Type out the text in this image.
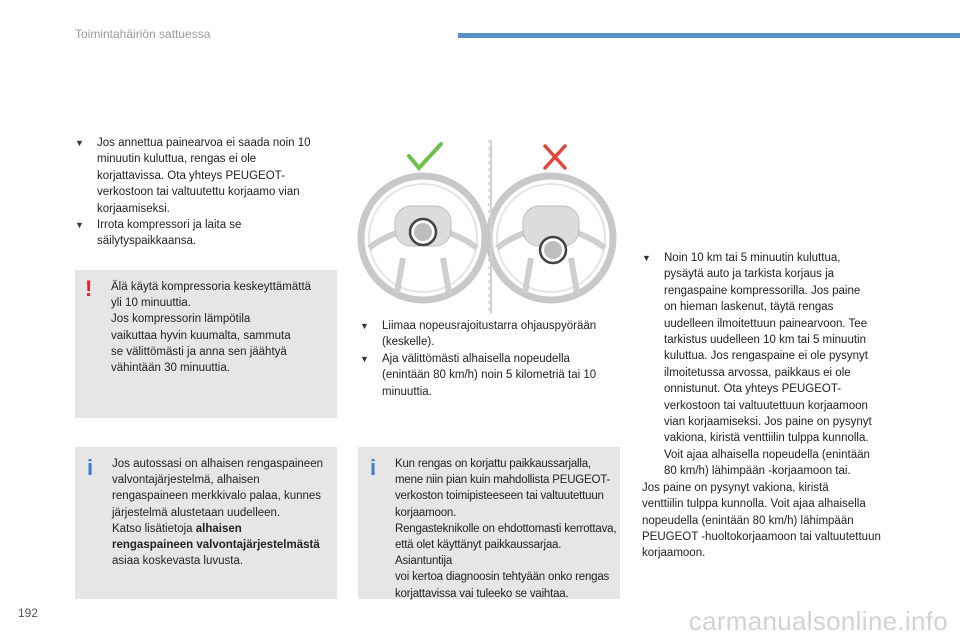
Toimintahäiriön sattuessa
▼	Jos annettua painearvoa ei saada noin 10 minuutin kuluttua, rengas ei ole korjattavissa. Ota yhteys PEUGEOT-verkostoon tai valtuutettu korjaamo vian korjaamiseksi.
▼	Irrota kompressori ja laita se säilytyspaikkaansa.
! Älä käytä kompressoria keskeyttämättä
yli 10 minuuttia.
Jos kompressorin lämpötila
vaikuttaa hyvin kuumalta, sammuta
se välittömästi ja anna sen jäähtyä
vähintään 30 minuuttia.
i Jos autossasi on alhaisen rengaspaineen
valvontajärjestelmä, alhaisen
rengaspaineen merkkivalo palaa, kunnes
järjestelmä alustetaan uudelleen.
Katso lisätietoja alhaisen
rengaspaineen valvontajärjestelmästä
asiaa koskevasta luvusta.
▼	Liimaa nopeusrajoitustarra ohjauspyörään (keskelle).
▼	Aja välittömästi alhaisella nopeudella (enintään 80 km/h) noin 5 kilometriä tai 10 minuuttia.
i Kun rengas on korjattu paikkaussarjalla,
mene niin pian kuin mahdollista PEUGEOT-
verkoston toimipisteeseen tai valtuutettuun
korjaamoon.
Rengasteknikolle on ehdottomasti kerrottava,
että olet käyttänyt paikkaussarjaa. Asiantuntija
voi kertoa diagnoosin tehtyään onko rengas
korjattavissa vai tuleeko se vaihtaa.
▼	Noin 10 km tai 5 minuutin kuluttua,
pysäytä auto ja tarkista korjaus ja
rengaspaine kompressorilla. Jos paine
on hieman laskenut, täytä rengas
uudelleen ilmoitettuun painearvoon. Tee
tarkistus uudelleen 10 km tai 5 minuutin
kuluttua. Jos rengaspaine ei ole pysynyt
ilmoitetussa arvossa, paikkaus ei ole
onnistunut. Ota yhteys PEUGEOT-
verkostoon tai valtuutettuun korjaamoon
vian korjaamiseksi. Jos paine on pysynyt
vakiona, kiristä venttiilin tulppa kunnolla.
Voit ajaa alhaisella nopeudella (enintään
80 km/h) lähimpään -korjaamoon tai.
Jos paine on pysynyt vakiona, kiristä
venttiilin tulppa kunnolla. Voit ajaa alhaisella
nopeudella (enintään 80 km/h) lähimpään
PEUGEOT -huoltokorjaamoon tai valtuutettuun
korjaamoon.
192	carmanualsonline.info
